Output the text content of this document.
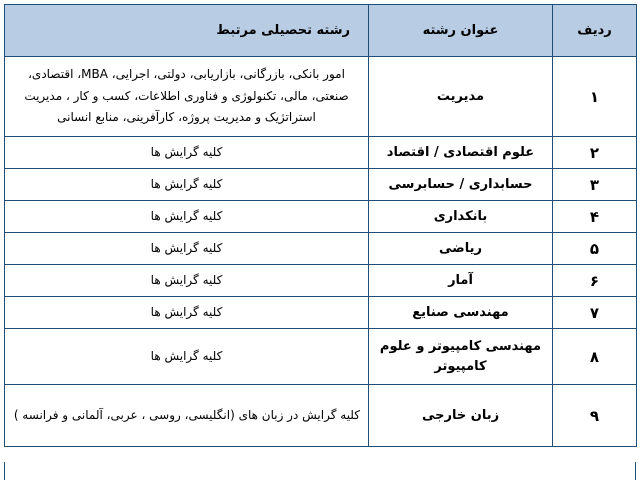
ردیف	عنوان رشته	رشته تحصیلی مرتبط
۱	مدیریت	امور بانکی، بازرگانی، بازاریابی، دولتی، اجرایی، MBA، اقتصادی، صنعتی، مالی، تکنولوژی و فناوری اطلاعات، کسب و کار ، مدیریت استراتژیک و مدیریت پروژه، کارآفرینی، منابع انسانی
۲	علوم اقتصادی / اقتصاد	کلیه گرایش ها
۳	حسابداری / حسابرسی	کلیه گرایش ها
۴	بانکداری	کلیه گرایش ها
۵	ریاضی	کلیه گرایش ها
۶	آمار	کلیه گرایش ها
۷	مهندسی صنایع	کلیه گرایش ها
۸	مهندسی کامپیوتر و علوم کامپیوتر	کلیه گرایش ها
۹	زبان خارجی	کلیه گرایش در زبان های (انگلیسی، روسی ، عربی، آلمانی و فرانسه )
